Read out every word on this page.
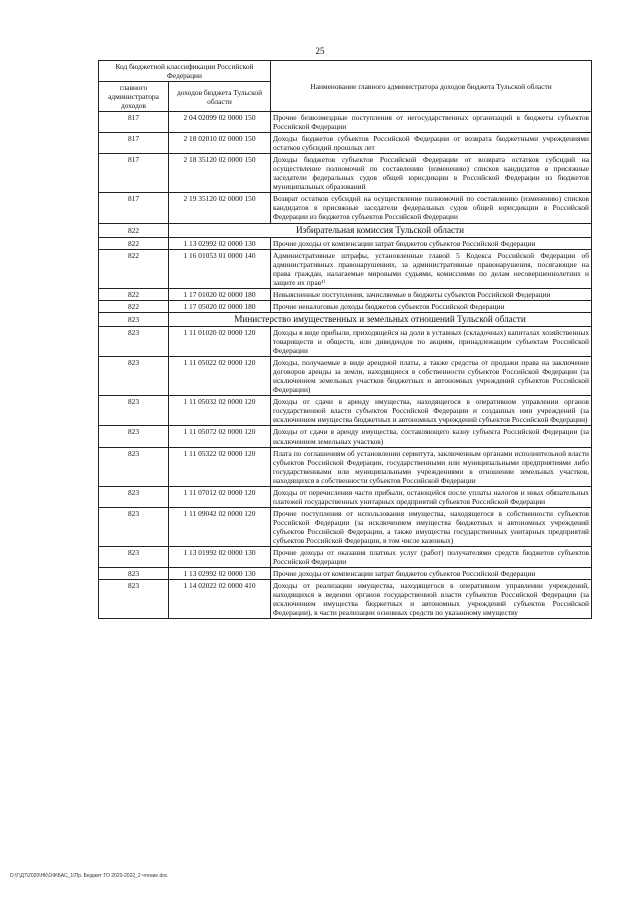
25
Код бюджетной классификации Российской Федерации		Наименование главного администратора доходов бюджета Тульской области
главного администратора доходов	доходов бюджета Тульской области	
817	2 04 02099 02 0000 150	Прочие безвозмездные поступления от негосударственных организаций в бюджеты субъектов Российской Федерации
817	2 18 02010 02 0000 150	Доходы бюджетов субъектов Российской Федерации от возврата бюджетными учреждениями остатков субсидий прошлых лет
817	2 18 35120 02 0000 150	Доходы бюджетов субъектов Российской Федерации от возврата остатков субсидий на осуществление полномочий по составлению (изменению) списков кандидатов в присяжные заседатели федеральных судов общей юрисдикции в Российской Федерации из бюджетов муниципальных образований
817	2 19 35120 02 0000 150	Возврат остатков субсидий на осуществление полномочий по составлению (изменению) списков кандидатов в присяжные заседатели федеральных судов общей юрисдикции в Российской Федерации из бюджетов субъектов Российской Федерации
822	Избирательная комиссия Тульской области	
822	1 13 02992 02 0000 130	Прочие доходы от компенсации затрат бюджетов субъектов Российской Федерации
822	1 16 01053 01 0000 140	Административные штрафы, установленные главой 5 Кодекса Российской Федерации об административных правонарушениях, за административные правонарушения, посягающие на права граждан, налагаемые мировыми судьями, комиссиями по делам несовершеннолетних и защите их прав¹⁾
822	1 17 01020 02 0000 180	Невыясненные поступления, зачисляемые в бюджеты субъектов Российской Федерации
822	1 17 05020 02 0000 180	Прочие неналоговые доходы бюджетов субъектов Российской Федерации
823	Министерство имущественных и земельных отношений Тульской области	
823	1 11 01020 02 0000 120	Доходы в виде прибыли, приходящейся на доли в уставных (складочных) капиталах хозяйственных товариществ и обществ, или дивидендов по акциям, принадлежащим субъектам Российской Федерации
823	1 11 05022 02 0000 120	Доходы, получаемые в виде арендной платы, а также средства от продажи права на заключение договоров аренды за земли, находящиеся в собственности субъектов Российской Федерации (за исключением земельных участков бюджетных и автономных учреждений субъектов Российской Федерации)
823	1 11 05032 02 0000 120	Доходы от сдачи в аренду имущества, находящегося в оперативном управлении органов государственной власти субъектов Российской Федерации и созданных ими учреждений (за исключением имущества бюджетных и автономных учреждений субъектов Российской Федерации)
823	1 11 05072 02 0000 120	Доходы от сдачи в аренду имущества, составляющего казну субъекта Российской Федерации (за исключением земельных участков)
823	1 11 05322 02 0000 120	Плата по соглашениям об установлении сервитута, заключенным органами исполнительной власти субъектов Российской Федерации, государственными или муниципальными предприятиями либо государственными или муниципальными учреждениями в отношении земельных участков, находящихся в собственности субъектов Российской Федерации
823	1 11 07012 02 0000 120	Доходы от перечисления части прибыли, остающейся после уплаты налогов и иных обязательных платежей государственных унитарных предприятий субъектов Российской Федерации
823	1 11 09042 02 0000 120	Прочие поступления от использования имущества, находящегося в собственности субъектов Российской Федерации (за исключением имущества бюджетных и автономных учреждений субъектов Российской Федерации, а также имущества государственных унитарных предприятий субъектов Российской Федерации, в том числе казенных)
823	1 13 01992 02 0000 130	Прочие доходы от оказания платных услуг (работ) получателями средств бюджетов субъектов Российской Федерации
823	1 13 02992 02 0000 130	Прочие доходы от компенсации затрат бюджетов субъектов Российской Федерации
823	1 14 02022 02 0000 410	Доходы от реализации имущества, находящегося в оперативном управлении учреждений, находящихся в ведении органов государственной власти субъектов Российской Федерации (за исключением имущества бюджетных и автономных учреждений субъектов Российской Федерации), в части реализации основных средств по указанному имуществу
D:\Г\Д7\2020\НК\ОФ\БАС_1\Пр. Бюджет ТО 2020-2022_2 чтение.doc
